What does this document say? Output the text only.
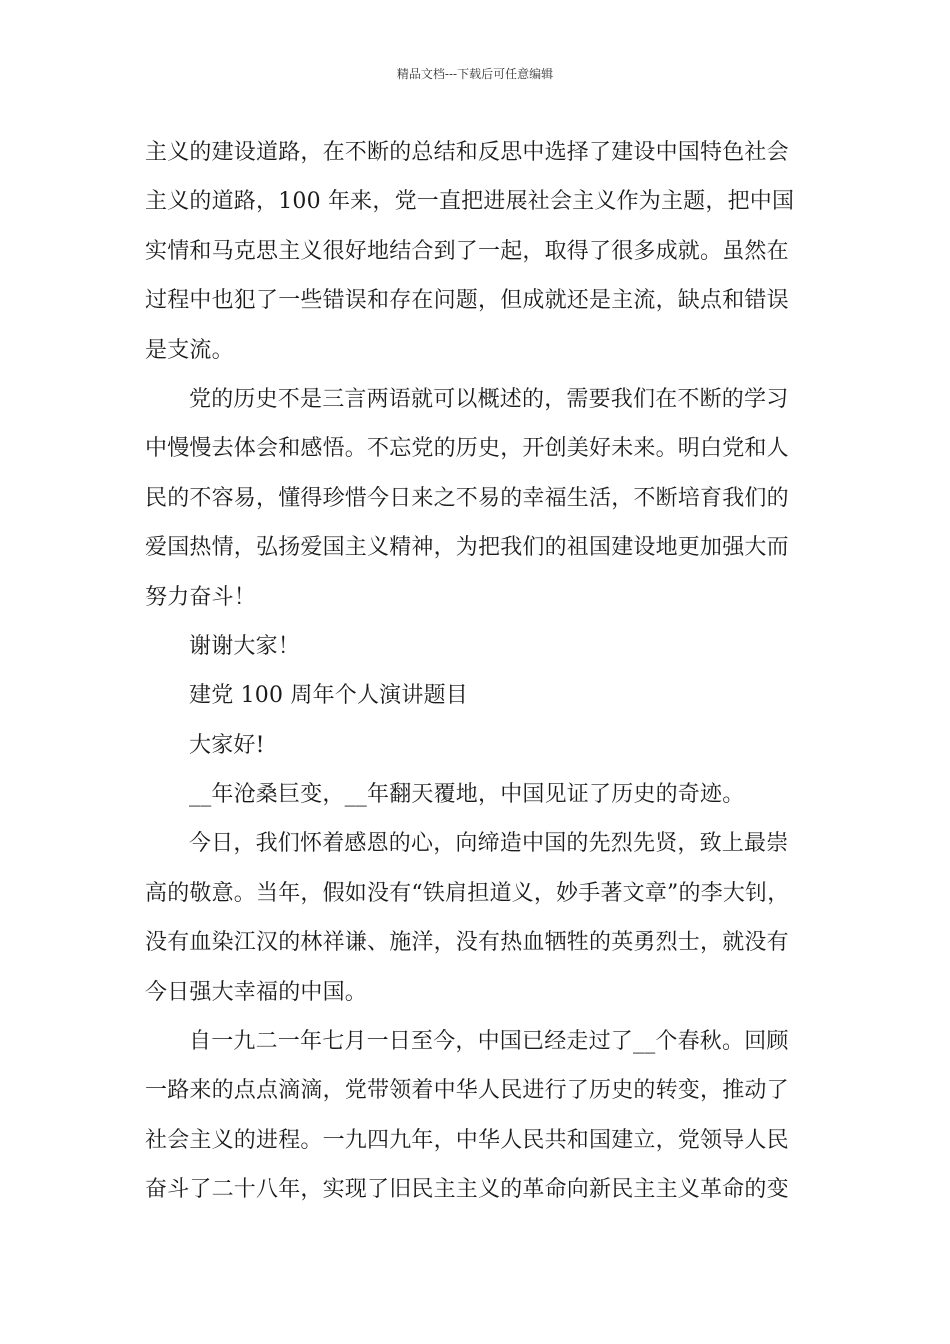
精品文档---下载后可任意编辑
主义的建设道路，在不断的总结和反思中选择了建设中国特色社会
主义的道路，100 年来，党一直把进展社会主义作为主题，把中国
实情和马克思主义很好地结合到了一起，取得了很多成就。虽然在
过程中也犯了一些错误和存在问题，但成就还是主流，缺点和错误
是支流。
党的历史不是三言两语就可以概述的，需要我们在不断的学习
中慢慢去体会和感悟。不忘党的历史，开创美好未来。明白党和人
民的不容易，懂得珍惜今日来之不易的幸福生活，不断培育我们的
爱国热情，弘扬爱国主义精神，为把我们的祖国建设地更加强大而
努力奋斗！
谢谢大家！
建党 100 周年个人演讲题目
大家好!
__年沧桑巨变，__年翻天覆地，中国见证了历史的奇迹。
今日，我们怀着感恩的心，向缔造中国的先烈先贤，致上最崇
高的敬意。当年，假如没有“铁肩担道义，妙手著文章”的李大钊，
没有血染江汉的林祥谦、施洋，没有热血牺牲的英勇烈士，就没有
今日强大幸福的中国。
自一九二一年七月一日至今，中国已经走过了__个春秋。回顾
一路来的点点滴滴，党带领着中华人民进行了历史的转变，推动了
社会主义的进程。一九四九年，中华人民共和国建立，党领导人民
奋斗了二十八年，实现了旧民主主义的革命向新民主主义革命的变
